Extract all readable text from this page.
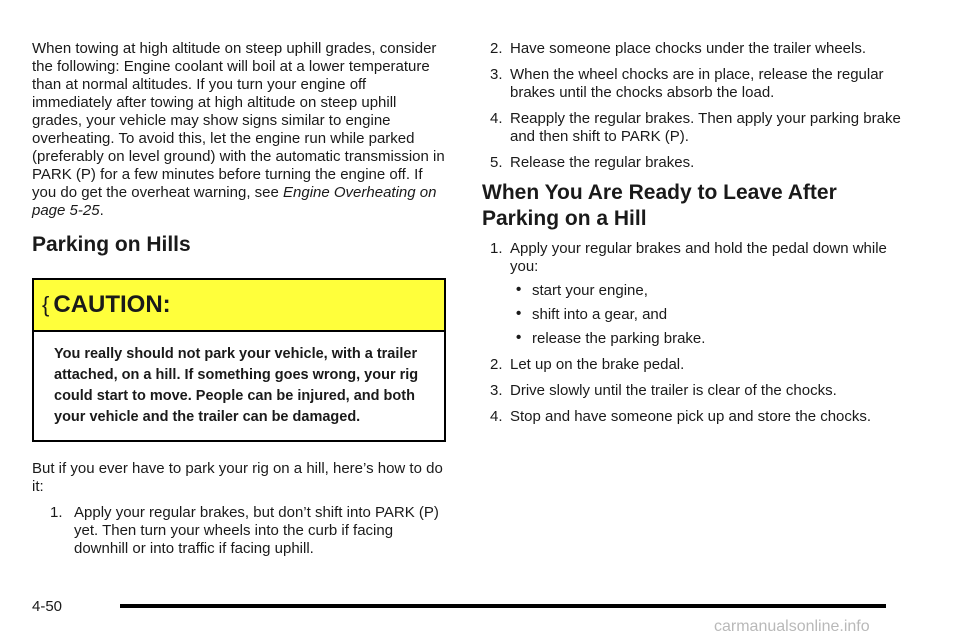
When towing at high altitude on steep uphill grades, consider the following: Engine coolant will boil at a lower temperature than at normal altitudes. If you turn your engine off immediately after towing at high altitude on steep uphill grades, your vehicle may show signs similar to engine overheating. To avoid this, let the engine run while parked (preferably on level ground) with the automatic transmission in PARK (P) for a few minutes before turning the engine off. If you do get the overheat warning, see Engine Overheating on page 5-25.

Parking on Hills
{ CAUTION:
You really should not park your vehicle, with a trailer attached, on a hill. If something goes wrong, your rig could start to move. People can be injured, and both your vehicle and the trailer can be damaged.

But if you ever have to park your rig on a hill, here’s how to do it:

1. Apply your regular brakes, but don’t shift into PARK (P) yet. Then turn your wheels into the curb if facing downhill or into traffic if facing uphill.
2. Have someone place chocks under the trailer wheels.
3. When the wheel chocks are in place, release the regular brakes until the chocks absorb the load.
4. Reapply the regular brakes. Then apply your parking brake and then shift to PARK (P).
5. Release the regular brakes.
When You Are Ready to Leave After Parking on a Hill
1. Apply your regular brakes and hold the pedal down while you:
• start your engine,
• shift into a gear, and
• release the parking brake.
2. Let up on the brake pedal.
3. Drive slowly until the trailer is clear of the chocks.
4. Stop and have someone pick up and store the chocks.
4-50
carmanualsonline.info
